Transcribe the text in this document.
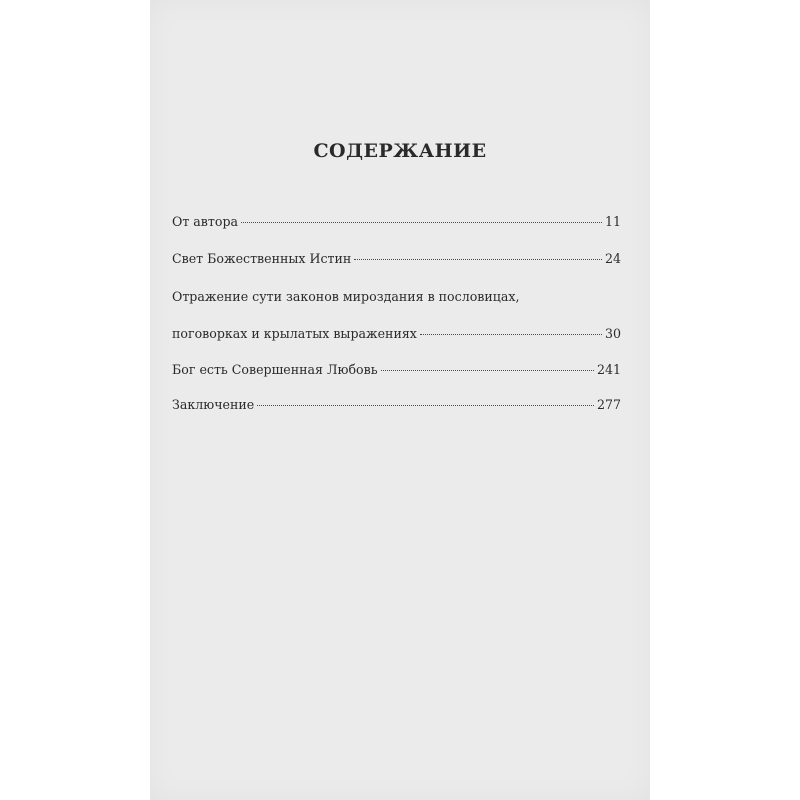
СОДЕРЖАНИЕ
От автора	11
Свет Божественных Истин	24
Отражение сути законов мироздания в пословицах,
поговорках и крылатых выражениях	30
Бог есть Совершенная Любовь	241
Заключение	277
